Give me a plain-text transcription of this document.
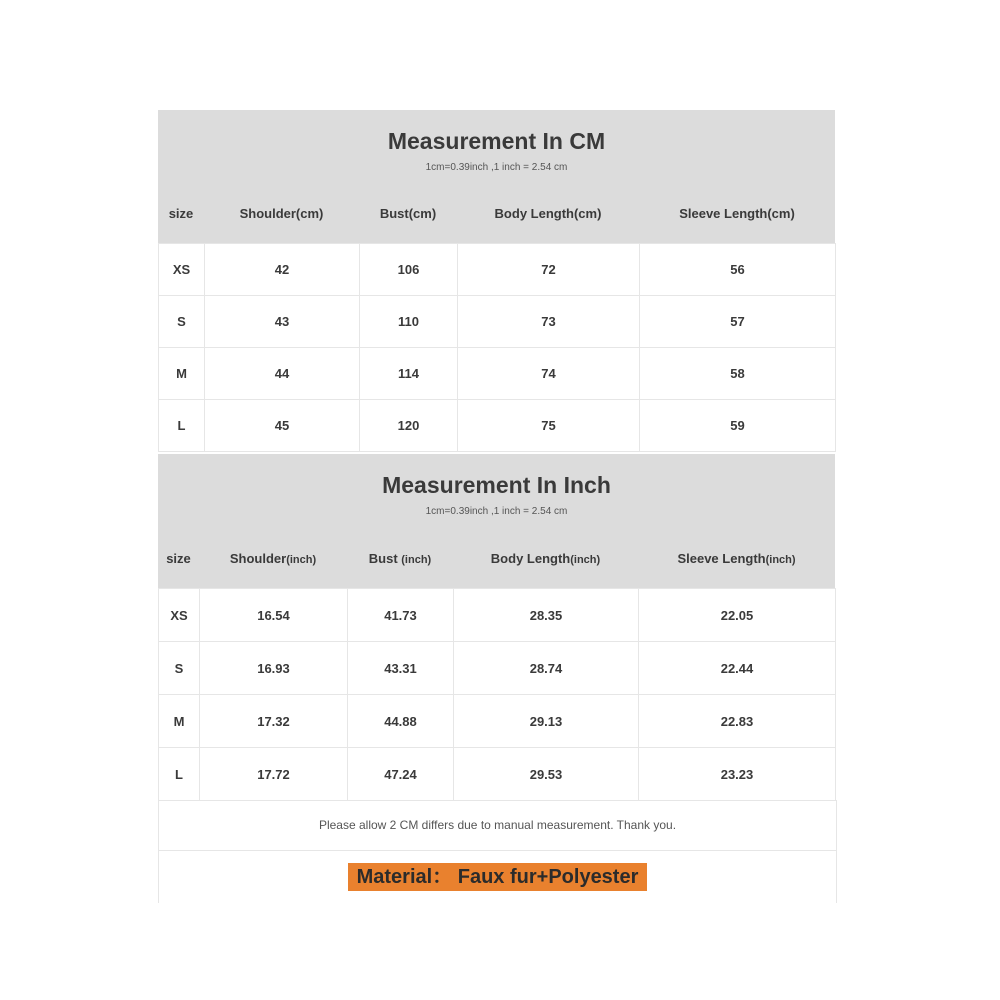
Measurement In CM
1cm=0.39inch ,1 inch = 2.54 cm
size	Shoulder(cm)	Bust(cm)	Body Length(cm)	Sleeve Length(cm)
XS	42	106	72	56
S	43	110	73	57
M	44	114	74	58
L	45	120	75	59
Measurement In Inch
1cm=0.39inch ,1 inch = 2.54 cm
size	Shoulder(inch)	Bust (inch)	Body Length(inch)	Sleeve Length(inch)
XS	16.54	41.73	28.35	22.05
S	16.93	43.31	28.74	22.44
M	17.32	44.88	29.13	22.83
L	17.72	47.24	29.53	23.23
Please allow 2 CM differs due to manual measurement. Thank you.
Material： Faux fur+Polyester
